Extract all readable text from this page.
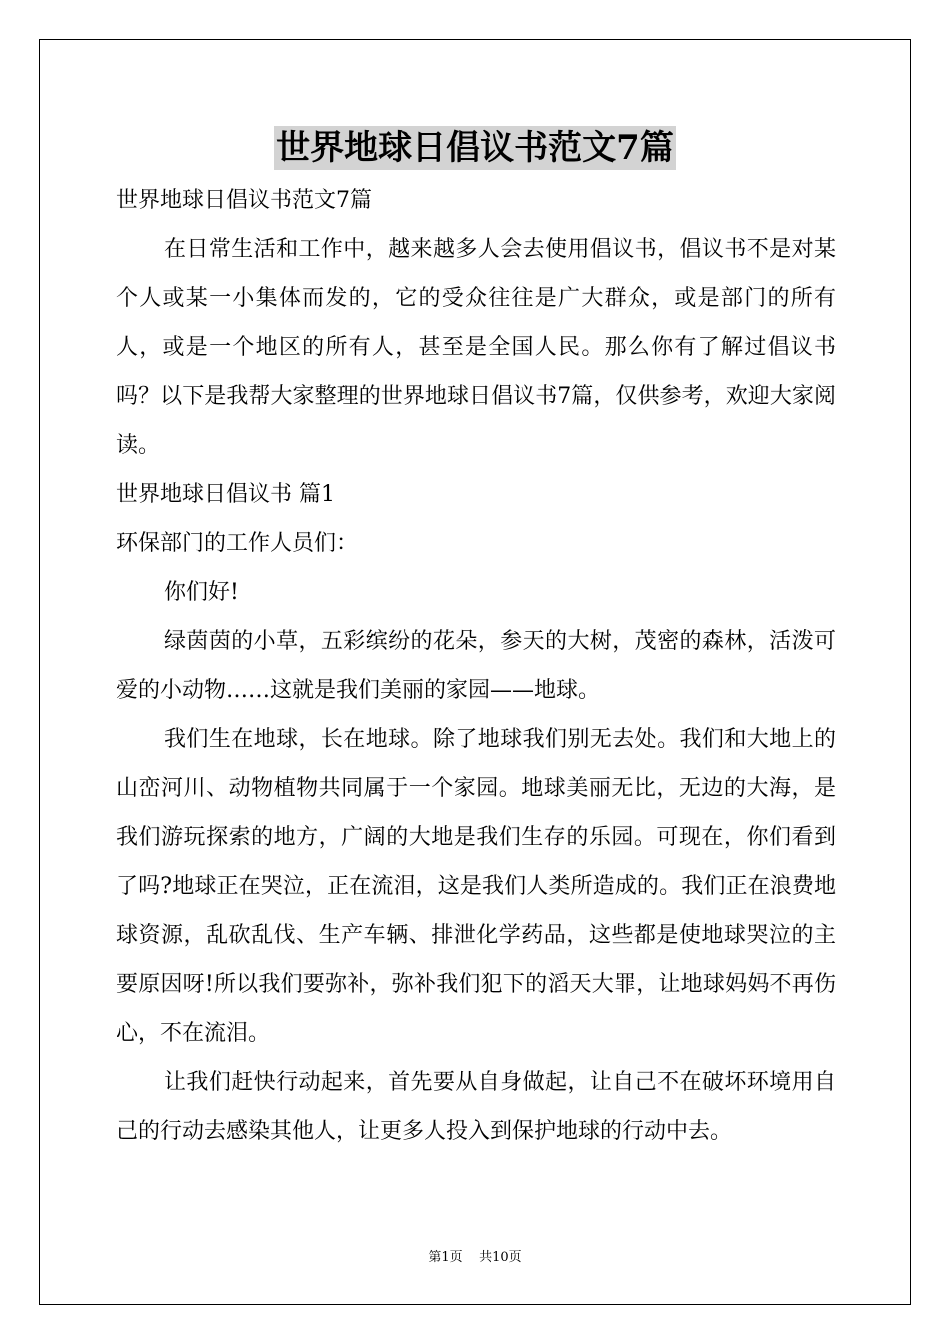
世界地球日倡议书范文7篇

世界地球日倡议书范文7篇

在日常生活和工作中，越来越多人会去使用倡议书，倡议书不是对某个人或某一小集体而发的，它的受众往往是广大群众，或是部门的所有人，或是一个地区的所有人，甚至是全国人民。那么你有了解过倡议书吗？以下是我帮大家整理的世界地球日倡议书7篇，仅供参考，欢迎大家阅读。

世界地球日倡议书 篇1

环保部门的工作人员们：

你们好!

绿茵茵的小草，五彩缤纷的花朵，参天的大树，茂密的森林，活泼可爱的小动物……这就是我们美丽的家园——地球。

我们生在地球，长在地球。除了地球我们别无去处。我们和大地上的山峦河川、动物植物共同属于一个家园。地球美丽无比，无边的大海，是我们游玩探索的地方，广阔的大地是我们生存的乐园。可现在，你们看到了吗?地球正在哭泣，正在流泪，这是我们人类所造成的。我们正在浪费地球资源，乱砍乱伐、生产车辆、排泄化学药品，这些都是使地球哭泣的主要原因呀!所以我们要弥补，弥补我们犯下的滔天大罪，让地球妈妈不再伤心，不在流泪。

让我们赶快行动起来，首先要从自身做起，让自己不在破坏环境用自己的行动去感染其他人，让更多人投入到保护地球的行动中去。

第1页 共10页
